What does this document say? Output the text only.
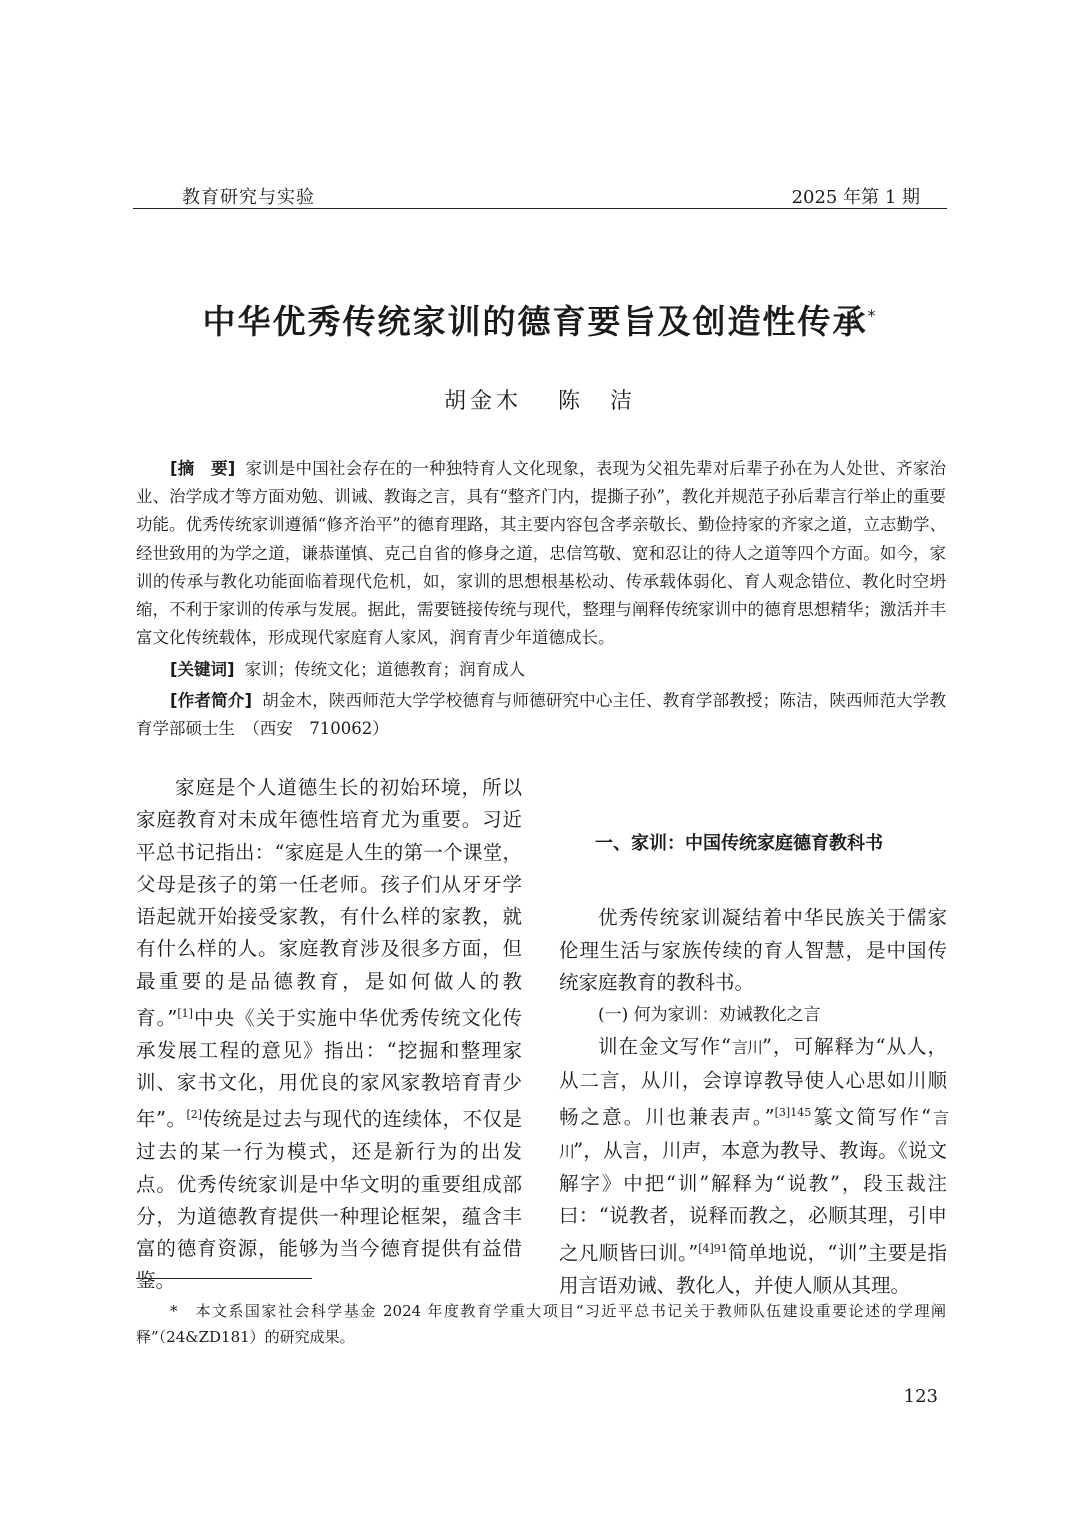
教育研究与实验	2025 年第 1 期
中华优秀传统家训的德育要旨及创造性传承*
胡金木 陈　洁

[摘　要] 家训是中国社会存在的一种独特育人文化现象，表现为父祖先辈对后辈子孙在为人处世、齐家治业、治学成才等方面劝勉、训诫、教诲之言，具有“整齐门内，提撕子孙”，教化并规范子孙后辈言行举止的重要功能。优秀传统家训遵循“修齐治平”的德育理路，其主要内容包含孝亲敬长、勤俭持家的齐家之道，立志勤学、经世致用的为学之道，谦恭谨慎、克己自省的修身之道，忠信笃敬、宽和忍让的待人之道等四个方面。如今，家训的传承与教化功能面临着现代危机，如，家训的思想根基松动、传承载体弱化、育人观念错位、教化时空坍缩，不利于家训的传承与发展。据此，需要链接传统与现代，整理与阐释传统家训中的德育思想精华；激活并丰富文化传统载体，形成现代家庭育人家风，润育青少年道德成长。

[关键词] 家训；传统文化；道德教育；润育成人

[作者简介] 胡金木，陕西师范大学学校德育与师德研究中心主任、教育学部教授；陈洁，陕西师范大学教育学部硕士生　（西安　710062）

家庭是个人道德生长的初始环境，所以家庭教育对未成年德性培育尤为重要。习近平总书记指出：“家庭是人生的第一个课堂，父母是孩子的第一任老师。孩子们从牙牙学语起就开始接受家教，有什么样的家教，就有什么样的人。家庭教育涉及很多方面，但最重要的是品德教育，是如何做人的教育。”[1]中央《关于实施中华优秀传统文化传承发展工程的意见》指出：“挖掘和整理家训、家书文化，用优良的家风家教培育青少年”。[2]传统是过去与现代的连续体，不仅是过去的某一行为模式，还是新行为的出发点。优秀传统家训是中华文明的重要组成部分，为道德教育提供一种理论框架，蕴含丰富的德育资源，能够为当今德育提供有益借鉴。

一、家训：中国传统家庭德育教科书

优秀传统家训凝结着中华民族关于儒家伦理生活与家族传续的育人智慧，是中国传统家庭教育的教科书。

(一) 何为家训：劝诫教化之言

训在金文写作“言川”，可解释为“从人，从二言，从川，会谆谆教导使人心思如川顺畅之意。川也兼表声。”$^{[3]145}$篆文简写作“言川”，从言，川声，本意为教导、教诲。《说文解字》中把“训”解释为“说教”，段玉裁注曰：“说教者，说释而教之，必顺其理，引申之凡顺皆曰训。”$^{[4]91}$简单地说，“训”主要是指用言语劝诫、教化人，并使人顺从其理。

*　 本文系国家社会科学基金 2024 年度教育学重大项目“习近平总书记关于教师队伍建设重要论述的学理阐释”（24&ZD181）的研究成果。
123
